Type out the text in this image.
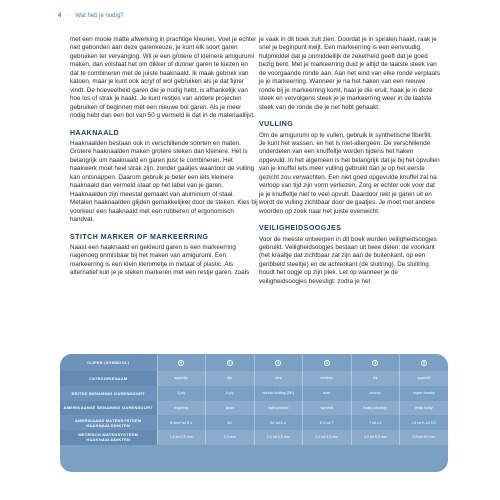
4 · Wat heb je nodig?

met een mooie matte afwerking in prachtige kleuren. Voel je echter niet gebonden aan deze garenkeuze, je kunt elk soort garen gebruiken ter vervanging. Wil je een grotere of kleinere amigurumi maken, dan volstaat het om dikker of dunner garen te kiezen en dat te combineren met de juiste haaknaald. Ik maak gebruik van katoen, maar je kunt ook acryl of wol gebruiken als je dat fijner vindt. De hoeveelheid garen die je nodig hebt, is afhankelijk van hoe los of strak je haakt. Je kunt restjes van andere projecten gebruiken of beginnen met een nieuwe bol garen. Als je meer nodig hebt dan een bol van 50 g vermeld ik dat in de materiaallijst.

HAAKNAALD

Haaknaalden bestaan ook in verschillende soorten en maten. Grotere haaknaalden maken grotere steken dan kleinere. Het is belangrijk om haaknaald en garen juist te combineren. Het haakwerk moet heel strak zijn, zonder gaatjes waardoor de vulling kan ontsnappen. Daarom gebruik je beter een iets kleinere haaknaald dan vermeld staat op het label van je garen. Haaknaalden zijn meestal gemaakt van aluminium of staal. Metalen haaknaalden glijden gemakkelijker door de steken. Kies bij voorkeur een haaknaald met een rubberen of ergonomisch handvat.

STITCH MARKER OF MARKEERRING

Naast een haaknaald en gekleurd garen is een markeerring nagenoeg onmisbaar bij het maken van amigurumi. Een markeerring is een klein klemmetje in metaal of plastic. Als alternatief kun je je steken markeren met een restje garen, zoals

je vaak in dit boek zult zien. Doordat je in spiralen haakt, raak je snel je beginpunt kwijt. Een markeerring is een eenvoudig hulpmiddel dat je onmiddellijk de zekerheid geeft dat je goed bezig bent. Met je markeerring duid je altijd de laatste steek van de voorgaande ronde aan. Aan het eind van elke ronde verplaats je je markeerring. Wanneer je na het haken van een nieuwe ronde bij je markeerring komt, haal je die eruit, haak je in deze steek en vervolgens steek je je markeerring weer in de laatste steek van de ronde die je net hebt gehaakt.

VULLING

Om de amigurumi op te vullen, gebruik ik synthetische fiberfill. Je kunt het wassen, en het is niet-allergeen. De verschillende onderdelen van een knuffeltje worden tijdens het haken opgevuld. In het algemeen is het belangrijk dat je bij het opvullen van je knuffel iets meer vulling gebruikt dan je op het eerste gezicht zou verwachten. Een niet goed opgevulde knuffel zal na verloop van tijd zijn vorm verliezen. Zorg er echter ook voor dat je je knuffeltje niet te veel opvult. Daardoor rekt je garen uit en wordt de vulling zichtbaar door de gaatjes. Je moet met andere woorden op zoek naar het juiste evenwicht.

VEILIGHEIDSOOGJES

Voor de meeste ontwerpen in dit boek worden veiligheidsoogjes gebruikt. Veiligheidsoogjes bestaan uit twee delen: de voorkant (het kraaltje dat zichtbaar zal zijn aan de buitenkant, op een geribbeld steeltje) en de achterkant (de sluitring). De sluitring houdt het oogje op zijn plek. Let op wanneer je de veiligheidsoogjes bevestigt: zodra je het

CIJFER (SYMBOOL)	0	1	2	3	4	5
CATEGORIENAAM	superfijn	fijn	licht	medium	dik	superdik
BRITSE BENAMING GARENSOORT	3-ply	4-ply	double knitting (DK)	aran	chunky	super chunky
AMERIKAANSE BENAMING GARENSOORT	fingering	sport	light worsted	worsted	bulky (chunky)	extra bulky
AMERIKAANS MATENSYSTEEM HAAKNAALDDIKTEN	B steel tot B-1	B1	B1 tot E-4	E-4 tot 7	7 tot I-9	I-9 tot K-10 1/2
METRISCH MATENSYSTEEM HAAKNAALDDIKTEN	1,5 tot 2,5 mm	2,5 mm	2,5 tot 3,5 mm	3,5 tot 4,5 mm	4,5 tot 5,5 mm	5,5 tot 6,5 mm
